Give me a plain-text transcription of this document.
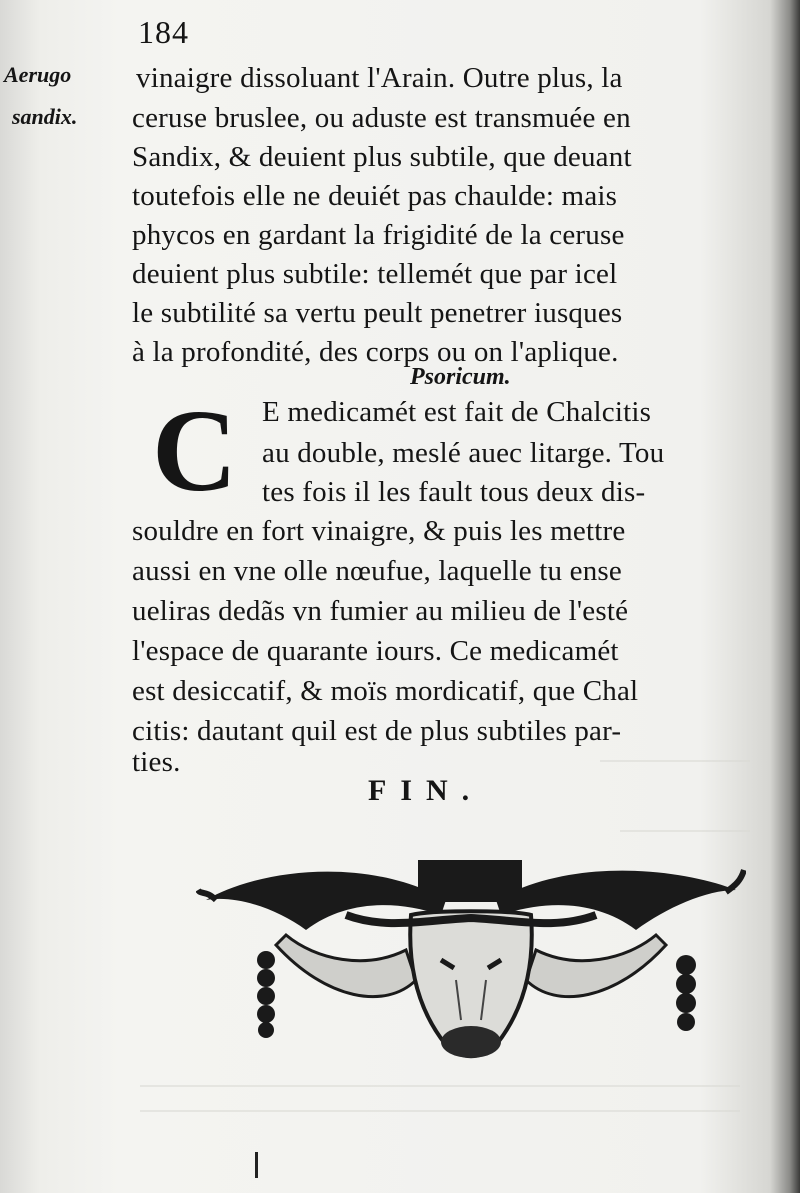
184
Aerugo
sandix.
vinaigre dissoluant l'Arain. Outre plus, la
ceruse bruslee, ou aduste est transmuée en
Sandix, & deuient plus subtile, que deuant
toutefois elle ne deuiét pas chaulde: mais
phycos en gardant la frigidité de la ceruse
deuient plus subtile: tellemét que par icel
le subtilité sa vertu peult penetrer iusques
à la profondité, des corps ou on l'aplique.
Psoricum.
C E medicamét est fait de Chalcitis
au double, meslé auec litarge. Tou
tes fois il les fault tous deux dis-
souldre en fort vinaigre, & puis les mettre
aussi en vne olle nœufue, laquelle tu ense
ueliras dedãs vn fumier au milieu de l'esté
l'espace de quarante iours. Ce medicamét
est desiccatif, & moïs mordicatif, que Chal
citis: dautant quil est de plus subtiles par-
ties.
FIN.
